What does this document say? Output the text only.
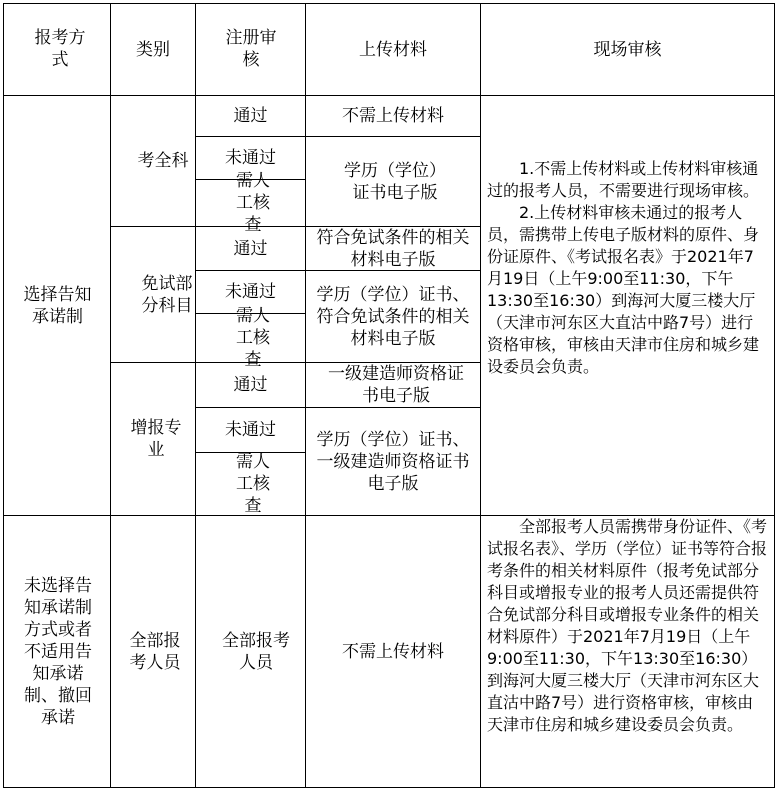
报考方式
类别
注册审核
上传材料	现场审核
选择告知承诺制
考全科
通过
未通过
需人工核查
不需上传材料
学历（学位）证书电子版
免试部分科目
通过
未通过
需人工核查
符合免试条件的相关材料电子版
学历（学位）证书、符合免试条件的相关材料电子版
增报专业
通过
未通过
需人工核查
一级建造师资格证书电子版
学历（学位）证书、一级建造师资格证书电子版

1.不需上传材料或上传材料审核通过的报考人员，不需要进行现场审核。

2.上传材料审核未通过的报考人员，需携带上传电子版材料的原件、身份证原件、《考试报名表》于2021年7月19日（上午9:00至11:30，下午13:30至16:30）到海河大厦三楼大厅（天津市河东区大直沽中路7号）进行资格审核，审核由天津市住房和城乡建设委员会负责。

未选择告知承诺制方式或者不适用告知承诺制、撤回承诺
全部报考人员
全部报考人员
不需上传材料
全部报考人员需携带身份证件、《考试报名表》、学历（学位）证书等符合报考条件的相关材料原件（报考免试部分科目或增报专业的报考人员还需提供符合免试部分科目或增报专业条件的相关材料原件）于2021年7月19日（上午9:00至11:30，下午13:30至16:30）到海河大厦三楼大厅（天津市河东区大直沽中路7号）进行资格审核，审核由天津市住房和城乡建设委员会负责。
